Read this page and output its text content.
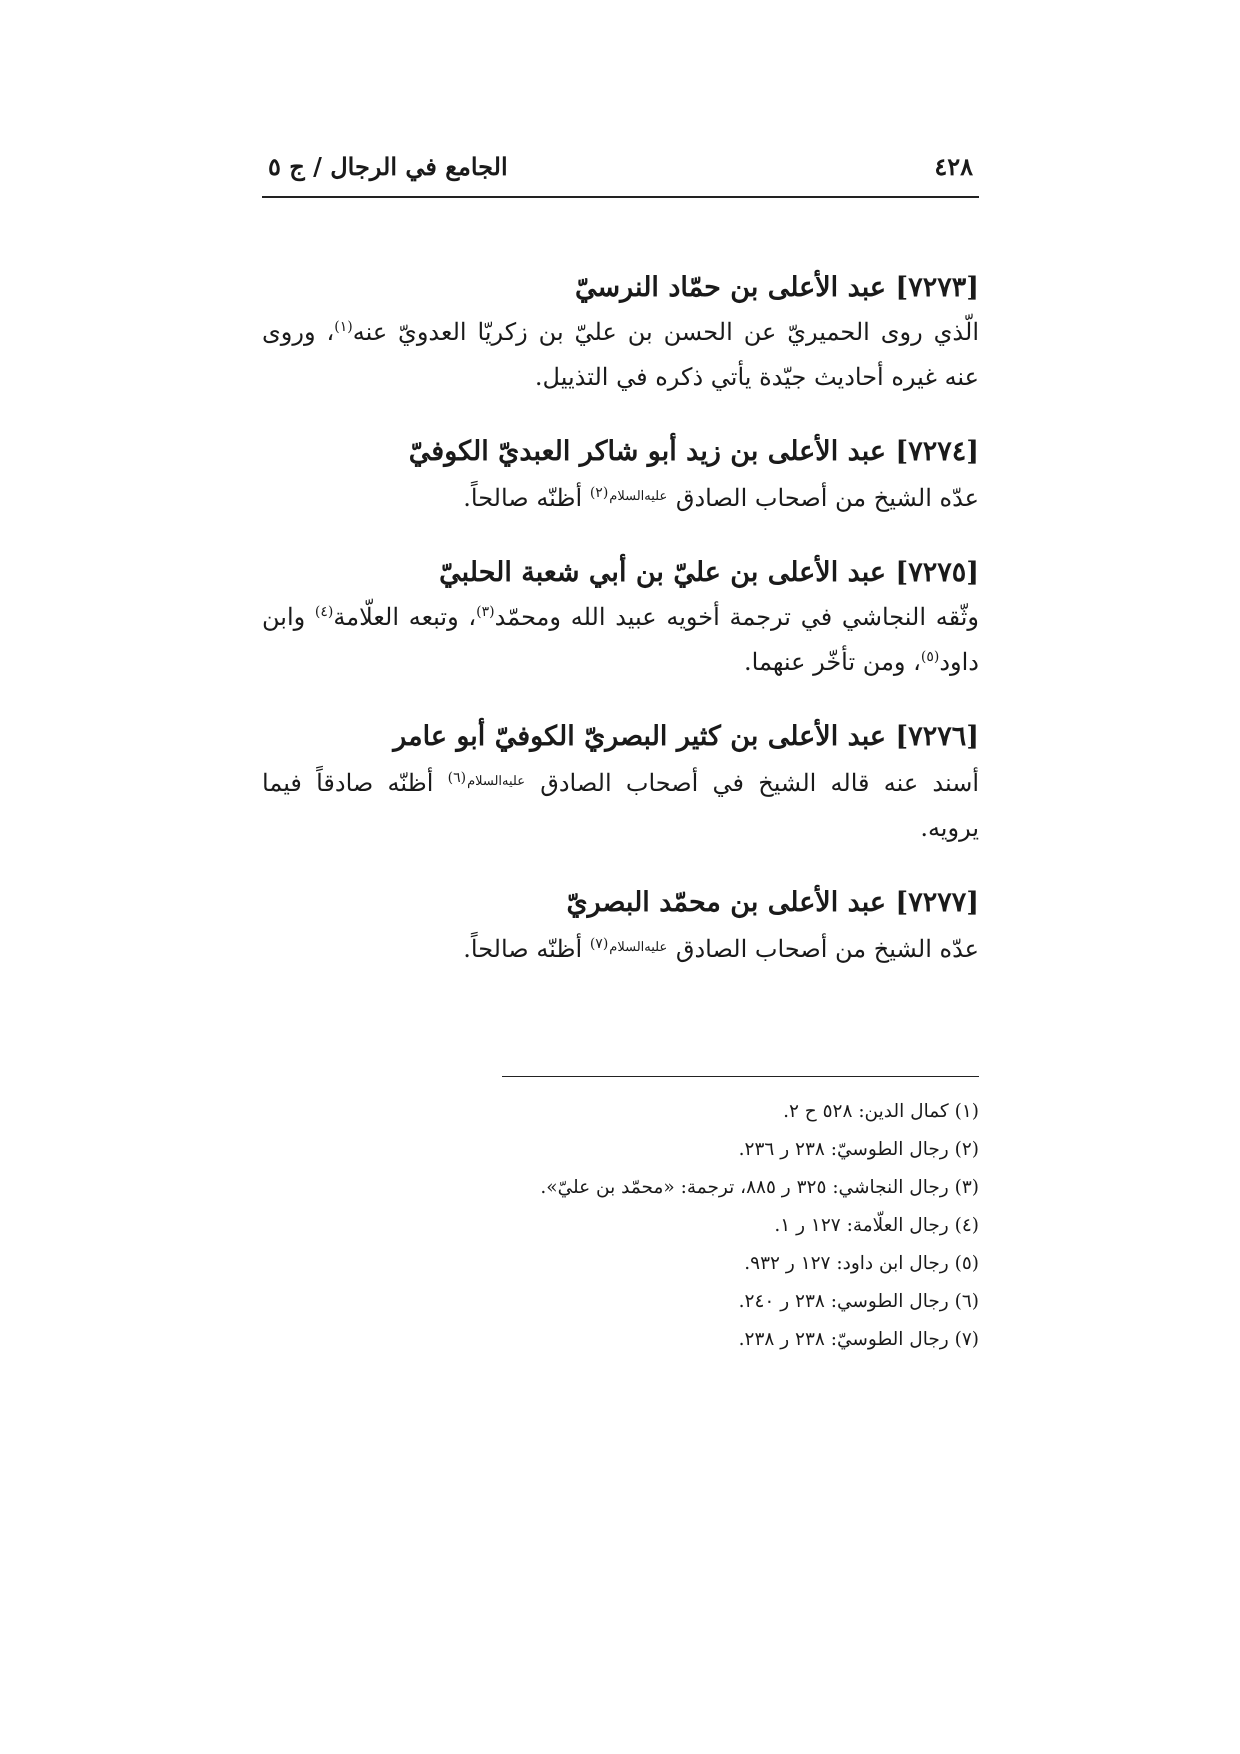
٤٢٨
الجامع في الرجال / ج ٥
[٧٢٧٣] عبد الأعلى بن حمّاد النرسيّ
الّذي روى الحميريّ عن الحسن بن عليّ بن زكريّا العدويّ عنه$^{(١)}$، وروى عنه غيره أحاديث جيّدة يأتي ذكره في التذييل.
[٧٢٧٤] عبد الأعلى بن زيد أبو شاكر العبديّ الكوفيّ
عدّه الشيخ من أصحاب الصادق $^{عليه‌السلام(٢)}$ أظنّه صالحاً.
[٧٢٧٥] عبد الأعلى بن عليّ بن أبي شعبة الحلبيّ
وثّقه النجاشي في ترجمة أخويه عبيد الله ومحمّد$^{(٣)}$، وتبعه العلّامة$^{(٤)}$ وابن داود$^{(٥)}$، ومن تأخّر عنهما.
[٧٢٧٦] عبد الأعلى بن كثير البصريّ الكوفيّ أبو عامر
أسند عنه قاله الشيخ في أصحاب الصادق $^{عليه‌السلام(٦)}$ أظنّه صادقاً فيما يرويه.
[٧٢٧٧] عبد الأعلى بن محمّد البصريّ
عدّه الشيخ من أصحاب الصادق $^{عليه‌السلام(٧)}$ أظنّه صالحاً.
(١) كمال الدين: ٥٢٨ ح ٢.
(٢) رجال الطوسيّ: ٢٣٨ ر ٢٣٦.
(٣) رجال النجاشي: ٣٢٥ ر ٨٨٥، ترجمة: «محمّد بن عليّ».
(٤) رجال العلّامة: ١٢٧ ر ١.
(٥) رجال ابن داود: ١٢٧ ر ٩٣٢.
(٦) رجال الطوسي: ٢٣٨ ر ٢٤٠.
(٧) رجال الطوسيّ: ٢٣٨ ر ٢٣٨.
